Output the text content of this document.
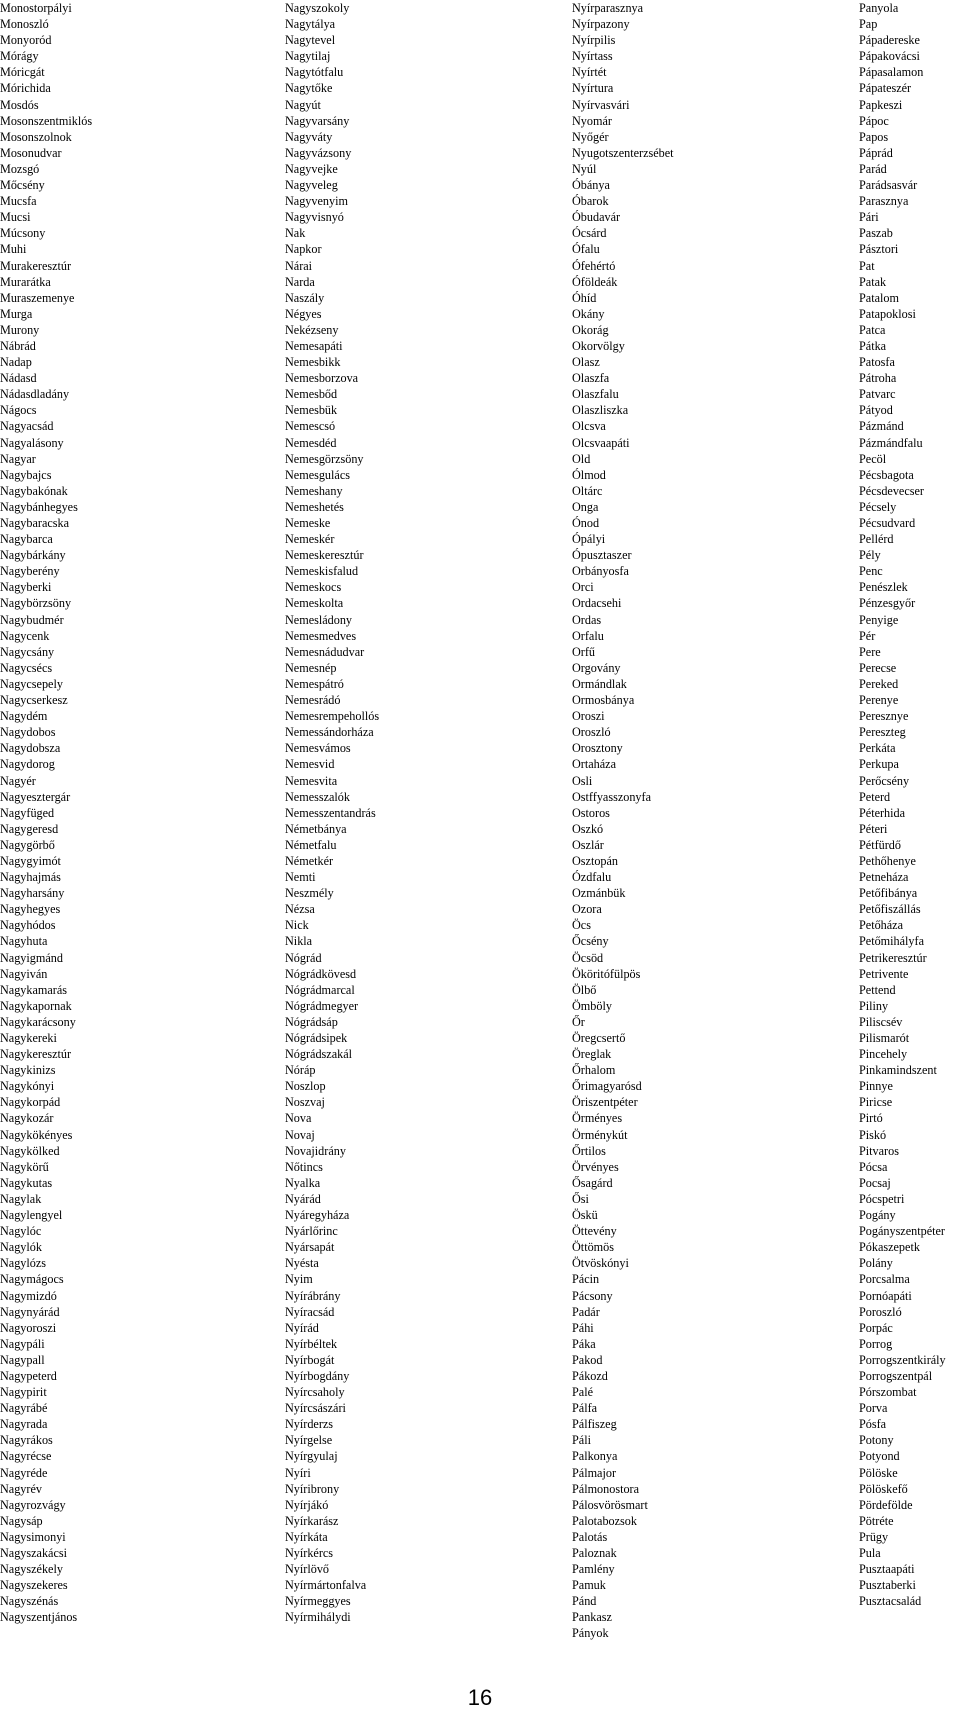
Monostorpályi
Monoszló
Monyoród
Mórágy
Móricgát
Mórichida
Mosdós
Mosonszentmiklós
Mosonszolnok
Mosonudvar
Mozsgó
Mőcsény
Mucsfa
Mucsi
Múcsony
Muhi
Murakeresztúr
Murarátka
Muraszemenye
Murga
Murony
Nábrád
Nadap
Nádasd
Nádasdladány
Nágocs
Nagyacsád
Nagyalásony
Nagyar
Nagybajcs
Nagybakónak
Nagybánhegyes
Nagybaracska
Nagybarca
Nagybárkány
Nagyberény
Nagyberki
Nagybörzsöny
Nagybudmér
Nagycenk
Nagycsány
Nagycsécs
Nagycsepely
Nagycserkesz
Nagydém
Nagydobos
Nagydobsza
Nagydorog
Nagyér
Nagyesztergár
Nagyfüged
Nagygeresd
Nagygörbő
Nagygyimót
Nagyhajmás
Nagyharsány
Nagyhegyes
Nagyhódos
Nagyhuta
Nagyigmánd
Nagyiván
Nagykamarás
Nagykapornak
Nagykarácsony
Nagykereki
Nagykeresztúr
Nagykinizs
Nagykónyi
Nagykorpád
Nagykozár
Nagykökényes
Nagykölked
Nagykörű
Nagykutas
Nagylak
Nagylengyel
Nagylóc
Nagylók
Nagylózs
Nagymágocs
Nagymizdó
Nagynyárád
Nagyoroszi
Nagypáli
Nagypall
Nagypeterd
Nagypirit
Nagyrábé
Nagyrada
Nagyrákos
Nagyrécse
Nagyréde
Nagyrév
Nagyrozvágy
Nagysáp
Nagysimonyi
Nagyszakácsi
Nagyszékely
Nagyszekeres
Nagyszénás
Nagyszentjános
Nagyszokoly
Nagytálya
Nagytevel
Nagytilaj
Nagytótfalu
Nagytőke
Nagyút
Nagyvarsány
Nagyváty
Nagyvázsony
Nagyvejke
Nagyveleg
Nagyvenyim
Nagyvisnyó
Nak
Napkor
Nárai
Narda
Naszály
Négyes
Nekézseny
Nemesapáti
Nemesbikk
Nemesborzova
Nemesbőd
Nemesbük
Nemescsó
Nemesdéd
Nemesgörzsöny
Nemesgulács
Nemeshany
Nemeshetés
Nemeske
Nemeskér
Nemeskeresztúr
Nemeskisfalud
Nemeskocs
Nemeskolta
Nemesládony
Nemesmedves
Nemesnádudvar
Nemesnép
Nemespátró
Nemesrádó
Nemesrempehollós
Nemessándorháza
Nemesvámos
Nemesvid
Nemesvita
Nemesszalók
Nemesszentandrás
Németbánya
Németfalu
Németkér
Nemti
Neszmély
Nézsa
Nick
Nikla
Nógrád
Nógrádkövesd
Nógrádmarcal
Nógrádmegyer
Nógrádsáp
Nógrádsipek
Nógrádszakál
Nóráp
Noszlop
Noszvaj
Nova
Novaj
Novajidrány
Nőtincs
Nyalka
Nyárád
Nyáregyháza
Nyárlőrinc
Nyársapát
Nyésta
Nyim
Nyírábrány
Nyíracsád
Nyírád
Nyírbéltek
Nyírbogát
Nyírbogdány
Nyírcsaholy
Nyírcsászári
Nyírderzs
Nyírgelse
Nyírgyulaj
Nyíri
Nyíribrony
Nyírjákó
Nyírkarász
Nyírkáta
Nyírkércs
Nyírlövő
Nyírmártonfalva
Nyírmeggyes
Nyírmihálydi
Nyírparasznya
Nyírpazony
Nyírpilis
Nyírtass
Nyírtét
Nyírtura
Nyírvasvári
Nyomár
Nyőgér
Nyugotszenterzsébet
Nyúl
Óbánya
Óbarok
Óbudavár
Ócsárd
Ófalu
Ófehértó
Óföldeák
Óhíd
Okány
Okorág
Okorvölgy
Olasz
Olaszfa
Olaszfalu
Olaszliszka
Olcsva
Olcsvaapáti
Old
Ólmod
Oltárc
Onga
Ónod
Ópályi
Ópusztaszer
Orbányosfa
Orci
Ordacsehi
Ordas
Orfalu
Orfű
Orgovány
Ormándlak
Ormosbánya
Oroszi
Oroszló
Orosztony
Ortaháza
Osli
Ostffyasszonyfa
Ostoros
Oszkó
Oszlár
Osztopán
Ózdfalu
Ozmánbük
Ozora
Öcs
Őcsény
Öcsöd
Ököritófülpös
Ölbő
Ömböly
Őr
Öregcsertő
Öreglak
Őrhalom
Őrimagyarósd
Öriszentpéter
Örményes
Örménykút
Őrtilos
Örvényes
Ősagárd
Ősi
Öskü
Öttevény
Öttömös
Ötvöskónyi
Pácin
Pácsony
Padár
Páhi
Páka
Pakod
Pákozd
Palé
Pálfa
Pálfiszeg
Páli
Palkonya
Pálmajor
Pálmonostora
Pálosvörösmart
Palotabozsok
Palotás
Paloznak
Pamlény
Pamuk
Pánd
Pankasz
Pányok
Panyola
Pap
Pápadereske
Pápakovácsi
Pápasalamon
Pápateszér
Papkeszi
Pápoc
Papos
Páprád
Parád
Parádsasvár
Parasznya
Pári
Paszab
Pásztori
Pat
Patak
Patalom
Patapoklosi
Patca
Pátka
Patosfa
Pátroha
Patvarc
Pátyod
Pázmánd
Pázmándfalu
Pecöl
Pécsbagota
Pécsdevecser
Pécsely
Pécsudvard
Pellérd
Pély
Penc
Penészlek
Pénzesgyőr
Penyige
Pér
Pere
Perecse
Pereked
Perenye
Peresznye
Pereszteg
Perkáta
Perkupa
Perőcsény
Peterd
Péterhida
Péteri
Pétfürdő
Pethőhenye
Petneháza
Petőfibánya
Petőfiszállás
Petőháza
Petőmihályfa
Petrikeresztúr
Petrivente
Pettend
Piliny
Piliscsév
Pilismarót
Pincehely
Pinkamindszent
Pinnye
Piricse
Pirtó
Piskó
Pitvaros
Pócsa
Pocsaj
Pócspetri
Pogány
Pogányszentpéter
Pókaszepetk
Polány
Porcsalma
Pornóapáti
Poroszló
Porpác
Porrog
Porrogszentkirály
Porrogszentpál
Pórszombat
Porva
Pósfa
Potony
Potyond
Pölöske
Pölöskefő
Pördefölde
Pötréte
Prügy
Pula
Pusztaapáti
Pusztaberki
Pusztacsalád
16
